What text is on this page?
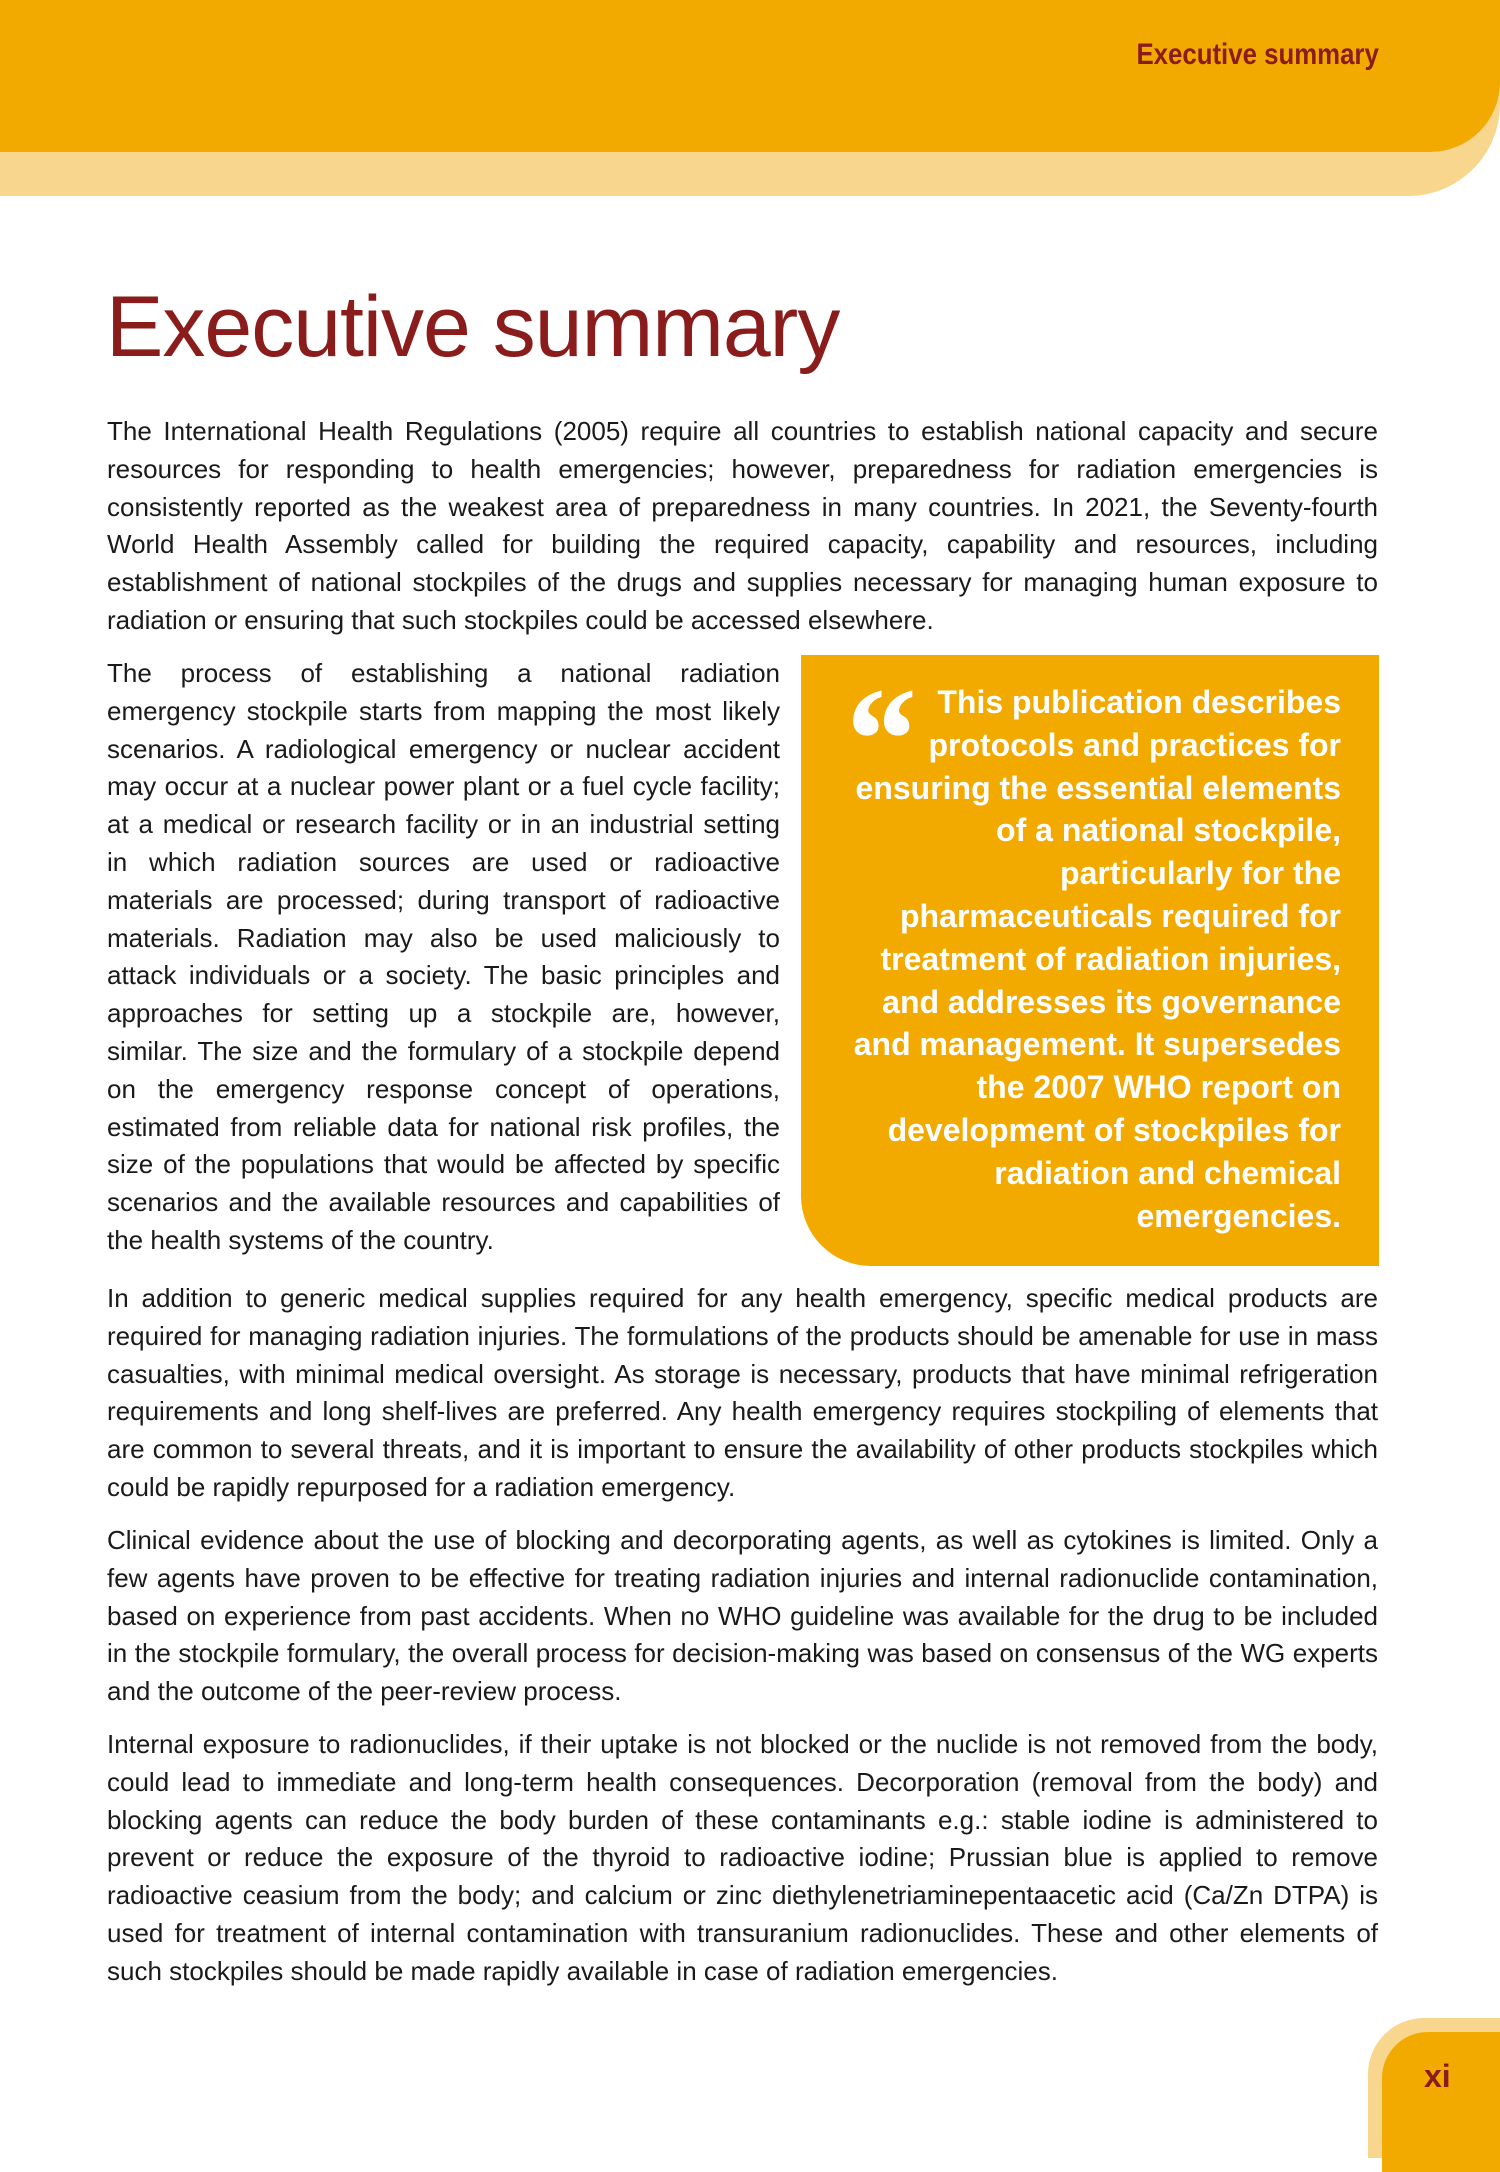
Executive summary
Executive summary

The International Health Regulations (2005) require all countries to establish national capacity and secure resources for responding to health emergencies; however, preparedness for radiation emergencies is consistently reported as the weakest area of preparedness in many countries. In 2021, the Seventy-fourth World Health Assembly called for building the required capacity, capability and resources, including establishment of national stockpiles of the drugs and supplies necessary for managing human exposure to radiation or ensuring that such stockpiles could be accessed elsewhere.

The process of establishing a national radiation emergency stockpile starts from mapping the most likely scenarios. A radiological emergency or nuclear accident may occur at a nuclear power plant or a fuel cycle facility; at a medical or research facility or in an industrial setting in which radiation sources are used or radioactive materials are processed; during transport of radioactive materials. Radiation may also be used maliciously to attack individuals or a society. The basic principles and approaches for setting up a stockpile are, however, similar. The size and the formulary of a stockpile depend on the emergency response concept of operations, estimated from reliable data for national risk profiles, the size of the populations that would be affected by specific scenarios and the available resources and capabilities of the health systems of the country.

“ This publication describes protocols and practices for ensuring the essential elements of a national stockpile, particularly for the pharmaceuticals required for treatment of radiation injuries, and addresses its governance and management. It supersedes the 2007 WHO report on development of stockpiles for radiation and chemical emergencies.

In addition to generic medical supplies required for any health emergency, specific medical products are required for managing radiation injuries. The formulations of the products should be amenable for use in mass casualties, with minimal medical oversight. As storage is necessary, products that have minimal refrigeration requirements and long shelf-lives are preferred. Any health emergency requires stockpiling of elements that are common to several threats, and it is important to ensure the availability of other products stockpiles which could be rapidly repurposed for a radiation emergency.

Clinical evidence about the use of blocking and decorporating agents, as well as cytokines is limited. Only a few agents have proven to be effective for treating radiation injuries and internal radionuclide contamination, based on experience from past accidents. When no WHO guideline was available for the drug to be included in the stockpile formulary, the overall process for decision-making was based on consensus of the WG experts and the outcome of the peer-review process.

Internal exposure to radionuclides, if their uptake is not blocked or the nuclide is not removed from the body, could lead to immediate and long-term health consequences. Decorporation (removal from the body) and blocking agents can reduce the body burden of these contaminants e.g.: stable iodine is administered to prevent or reduce the exposure of the thyroid to radioactive iodine; Prussian blue is applied to remove radioactive ceasium from the body; and calcium or zinc diethylenetriaminepentaacetic acid (Ca/Zn DTPA) is used for treatment of internal contamination with transuranium radionuclides. These and other elements of such stockpiles should be made rapidly available in case of radiation emergencies.

xi
